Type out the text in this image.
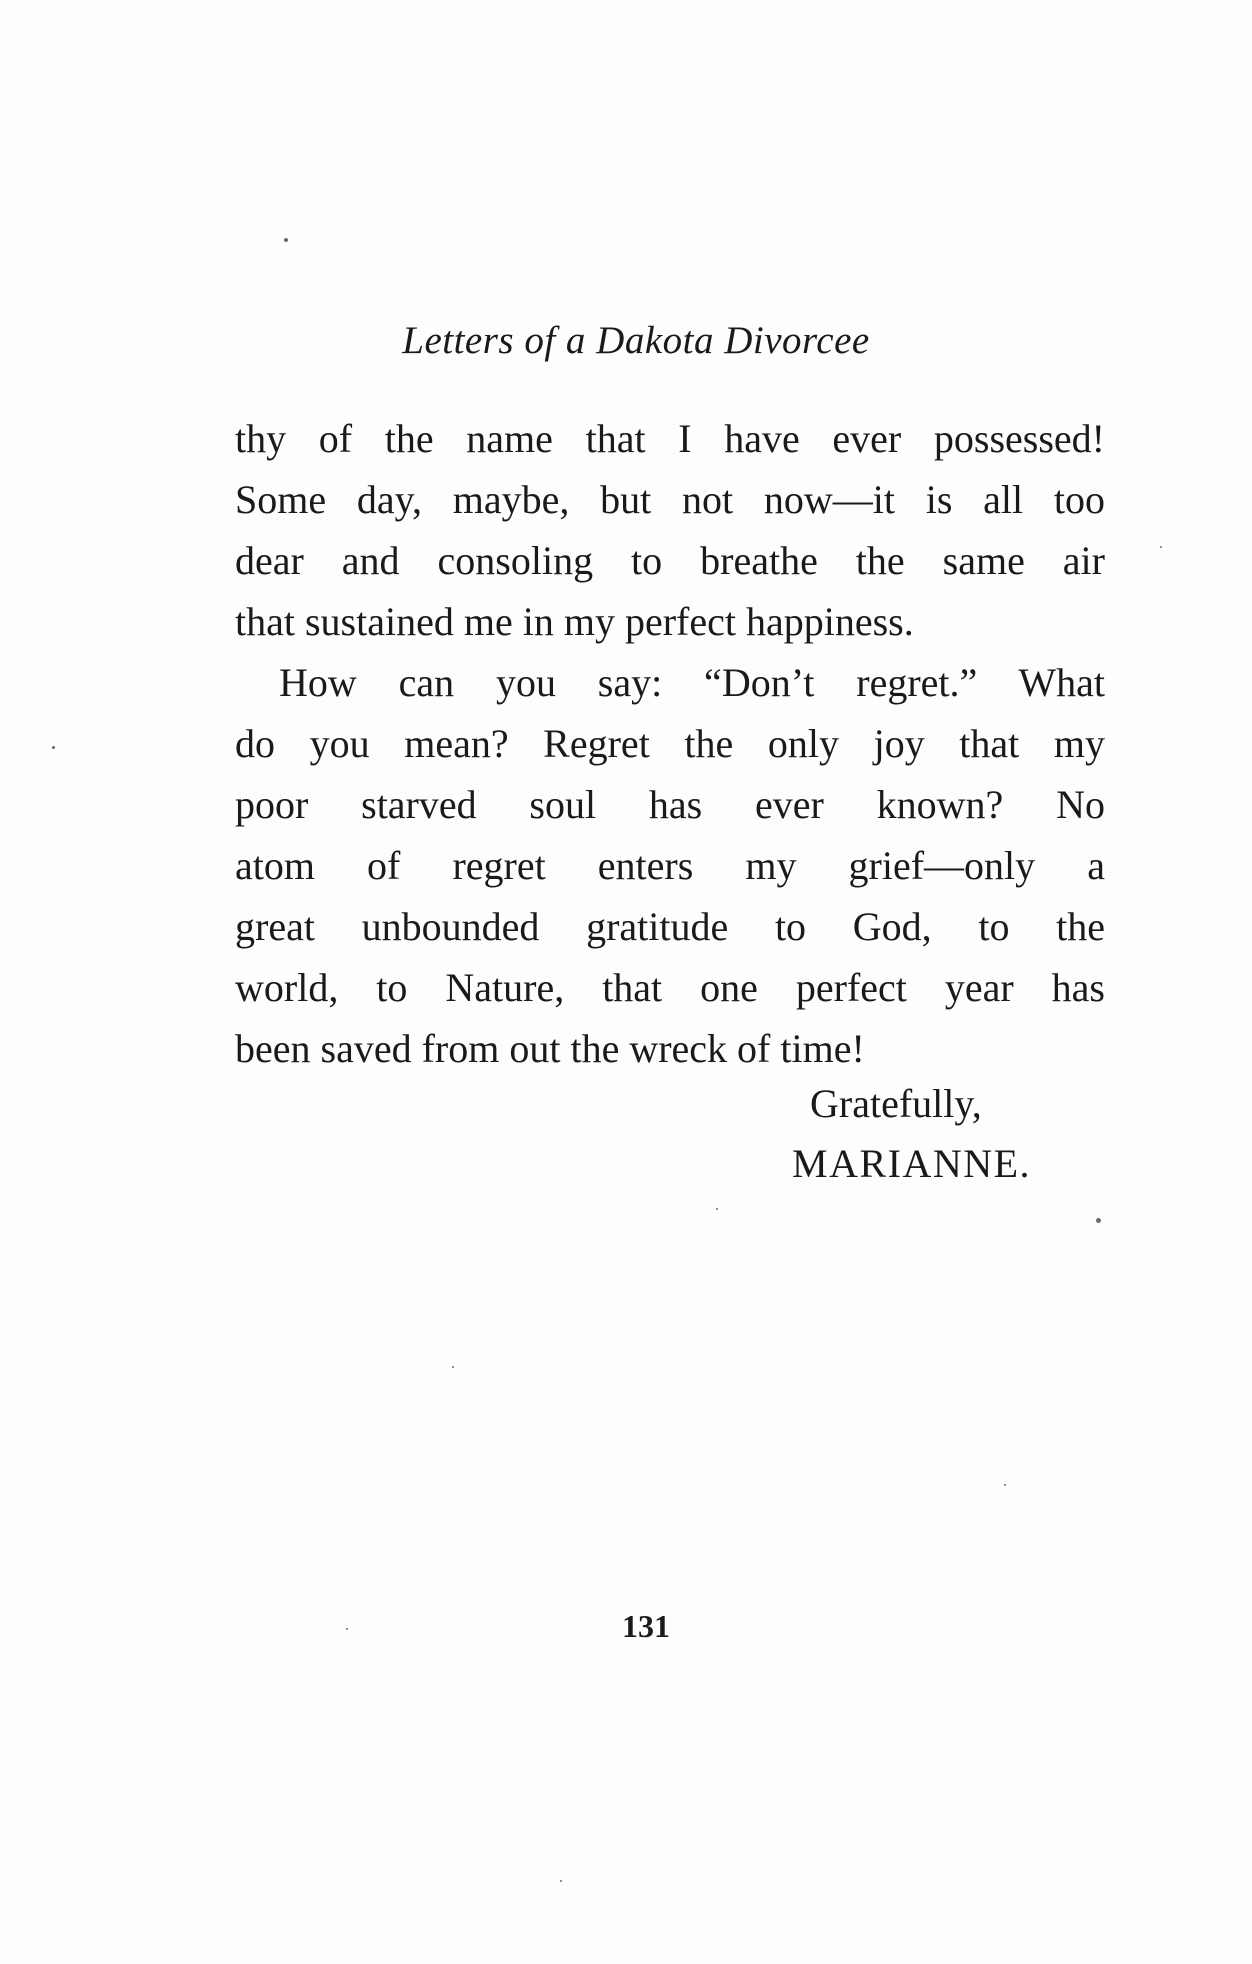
Letters of a Dakota Divorcee
thy of the name that I have ever possessed!
Some day, maybe, but not now—it is all too
dear and consoling to breathe the same air
that sustained me in my perfect happiness.
How can you say: “Don’t regret.” What
do you mean? Regret the only joy that my
poor starved soul has ever known? No
atom of regret enters my grief—only a
great unbounded gratitude to God, to the
world, to Nature, that one perfect year has
been saved from out the wreck of time!
Gratefully,
MARIANNE.
131
